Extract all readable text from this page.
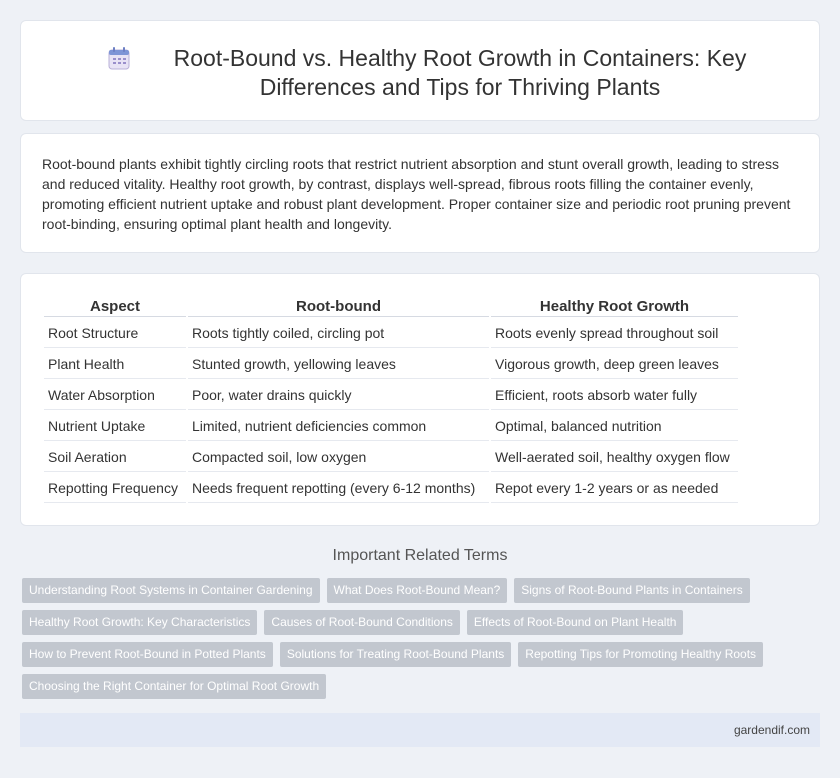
Root-Bound vs. Healthy Root Growth in Containers: Key Differences and Tips for Thriving Plants

Root-bound plants exhibit tightly circling roots that restrict nutrient absorption and stunt overall growth, leading to stress and reduced vitality. Healthy root growth, by contrast, displays well-spread, fibrous roots filling the container evenly, promoting efficient nutrient uptake and robust plant development. Proper container size and periodic root pruning prevent root-binding, ensuring optimal plant health and longevity.

Aspect	Root-bound	Healthy Root Growth
Root Structure	Roots tightly coiled, circling pot	Roots evenly spread throughout soil
Plant Health	Stunted growth, yellowing leaves	Vigorous growth, deep green leaves
Water Absorption	Poor, water drains quickly	Efficient, roots absorb water fully
Nutrient Uptake	Limited, nutrient deficiencies common	Optimal, balanced nutrition
Soil Aeration	Compacted soil, low oxygen	Well-aerated soil, healthy oxygen flow
Repotting Frequency	Needs frequent repotting (every 6-12 months)	Repot every 1-2 years or as needed
Important Related Terms
Understanding Root Systems in Container Gardening	What Does Root-Bound Mean?	Signs of Root-Bound Plants in Containers
Healthy Root Growth: Key Characteristics	Causes of Root-Bound Conditions	Effects of Root-Bound on Plant Health
How to Prevent Root-Bound in Potted Plants	Solutions for Treating Root-Bound Plants	Repotting Tips for Promoting Healthy Roots
Choosing the Right Container for Optimal Root Growth
gardendif.com
